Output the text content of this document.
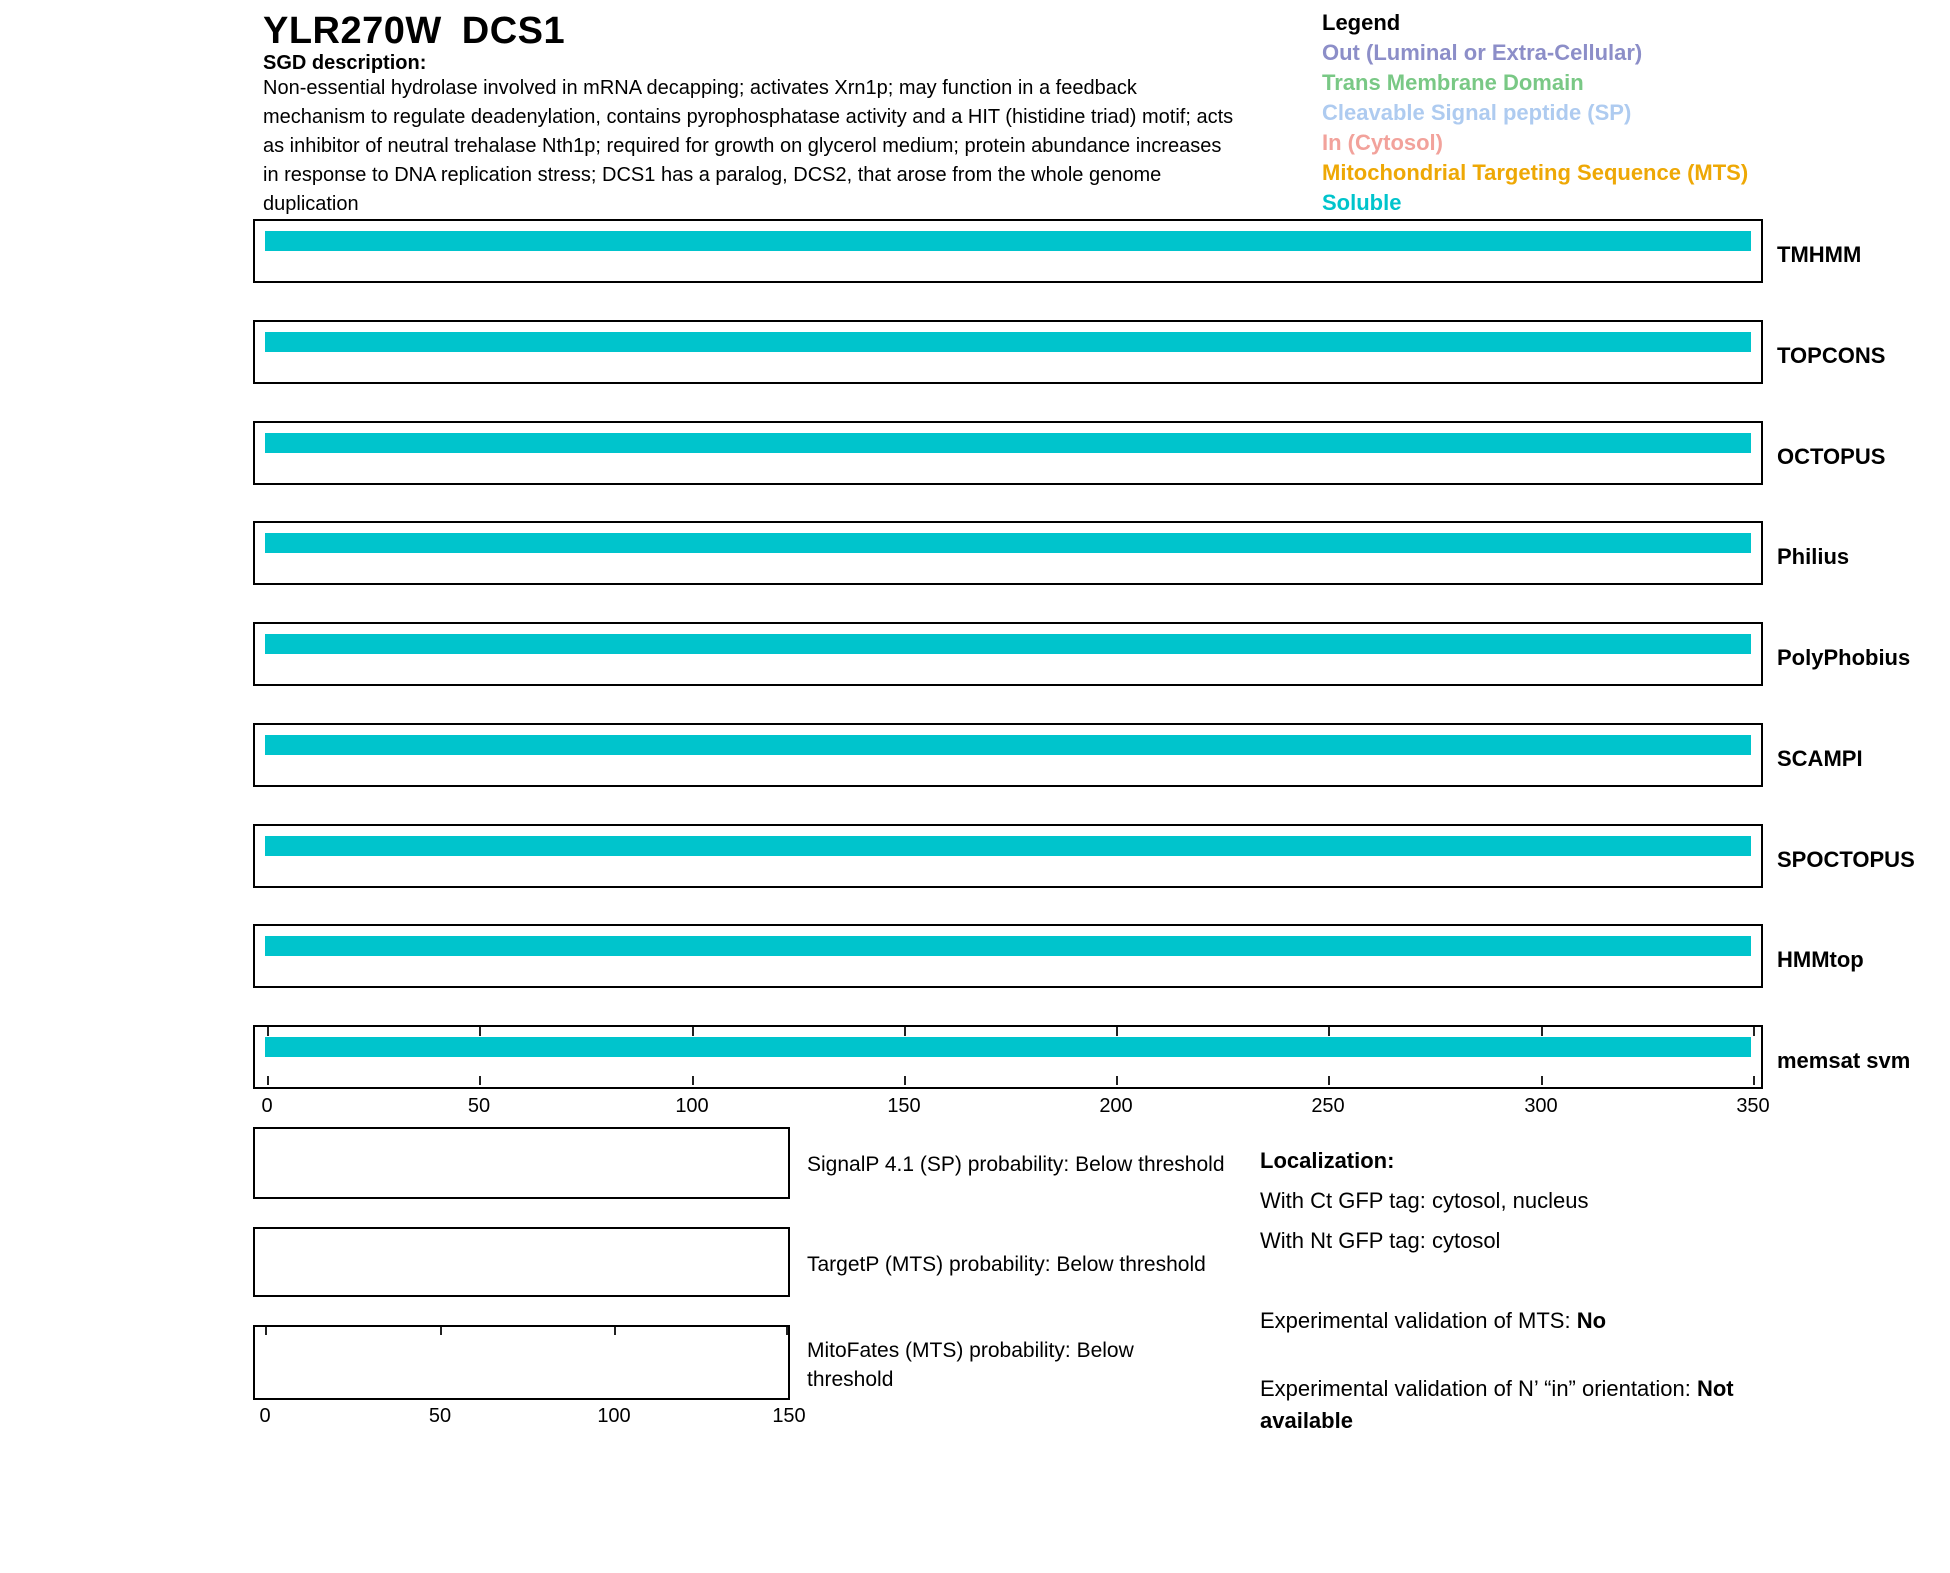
YLR270W DCS1
SGD description:
Non-essential hydrolase involved in mRNA decapping; activates Xrn1p; may function in a feedback
mechanism to regulate deadenylation, contains pyrophosphatase activity and a HIT (histidine triad) motif; acts
as inhibitor of neutral trehalase Nth1p; required for growth on glycerol medium; protein abundance increases
in response to DNA replication stress; DCS1 has a paralog, DCS2, that arose from the whole genome
duplication
Legend
Out (Luminal or Extra-Cellular)
Trans Membrane Domain
Cleavable Signal peptide (SP)
In (Cytosol)
Mitochondrial Targeting Sequence (MTS)
Soluble
TMHMM
TOPCONS
OCTOPUS
Philius
PolyPhobius
SCAMPI
SPOCTOPUS
HMMtop
memsat svm
0	50	100	150	200	250	300	350
SignalP 4.1 (SP) probability: Below threshold
TargetP (MTS) probability: Below threshold
MitoFates (MTS) probability: Below
threshold
0	50	100	150
Localization:
With Ct GFP tag: cytosol, nucleus
With Nt GFP tag: cytosol
Experimental validation of MTS: No
Experimental validation of N’ “in” orientation: Not
available
